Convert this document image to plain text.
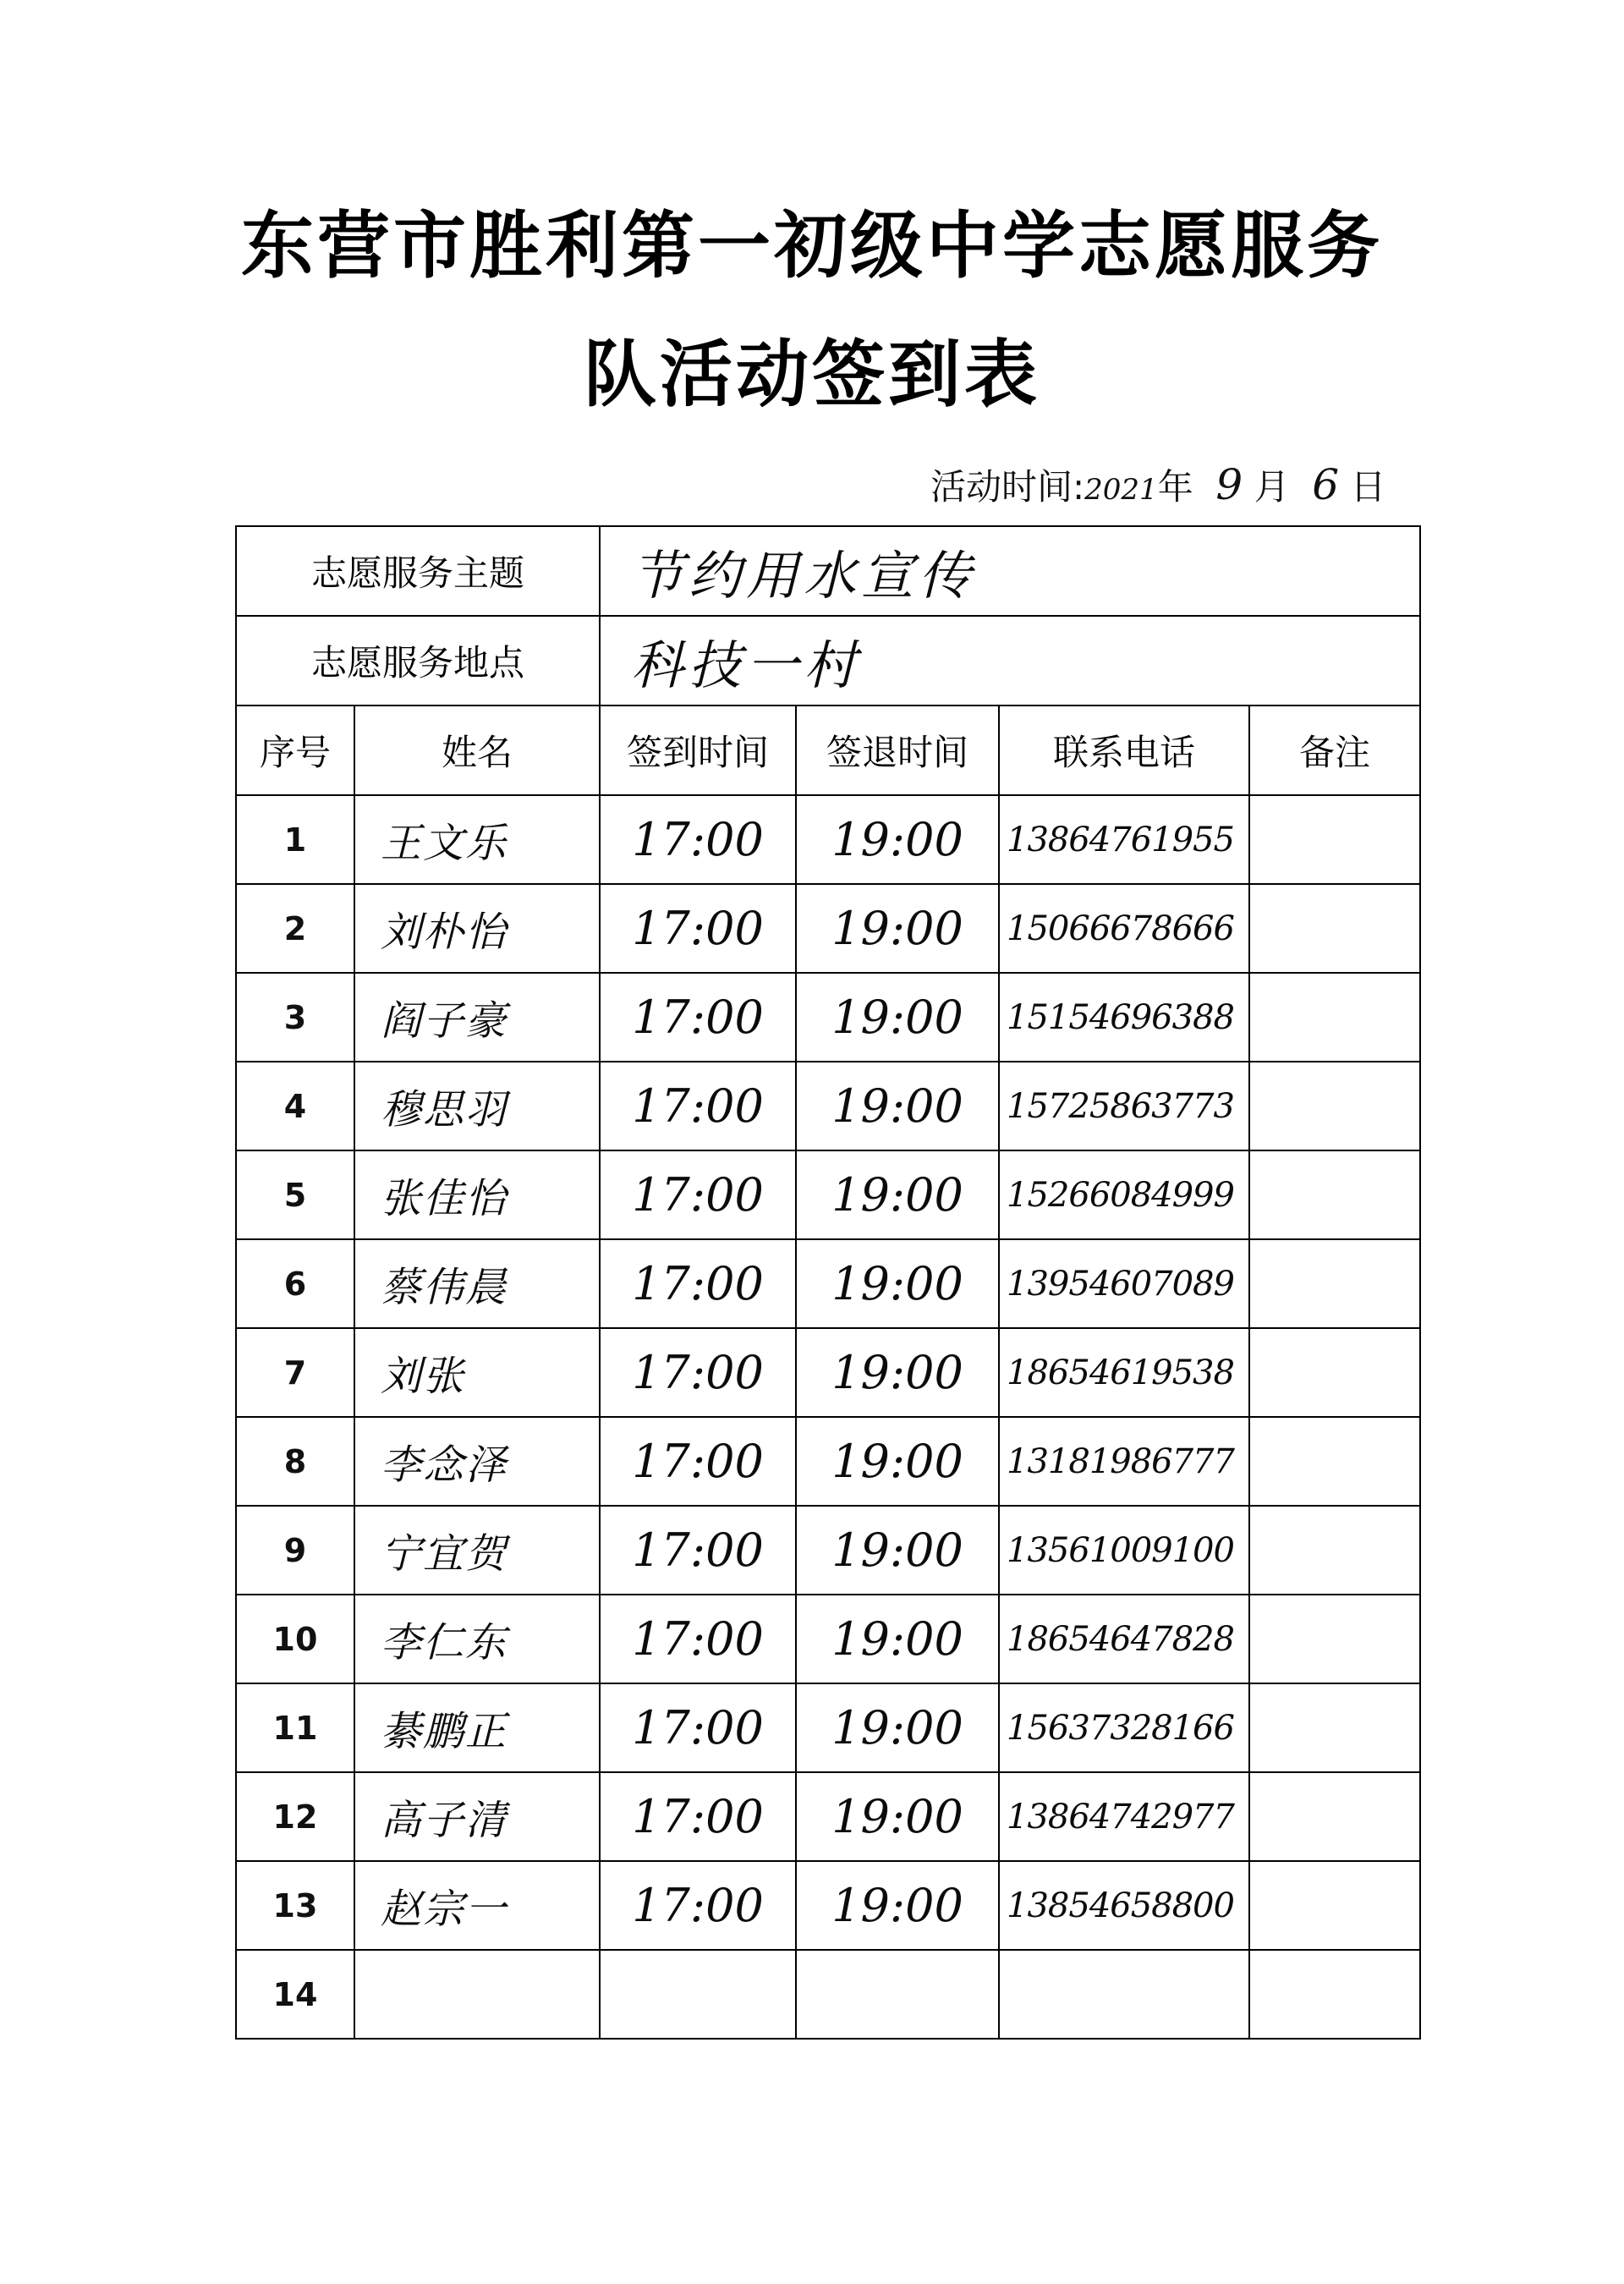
东营市胜利第一初级中学志愿服务
队活动签到表
活动时间:2021年 9 月 6 日
志愿服务主题		节约用水宣传			
志愿服务地点		科技一村			
序号	姓名	签到时间	签退时间	联系电话	备注
1	王文乐	17:00	19:00	13864761955	
2	刘朴怡	17:00	19:00	15066678666	
3	阎子豪	17:00	19:00	15154696388	
4	穆思羽	17:00	19:00	15725863773	
5	张佳怡	17:00	19:00	15266084999	
6	蔡伟晨	17:00	19:00	13954607089	
7	刘张	17:00	19:00	18654619538	
8	李念泽	17:00	19:00	13181986777	
9	宁宜贺	17:00	19:00	13561009100	
10	李仁东	17:00	19:00	18654647828	
11	綦鹏正	17:00	19:00	15637328166	
12	高子清	17:00	19:00	13864742977	
13	赵宗一	17:00	19:00	13854658800	
14					
